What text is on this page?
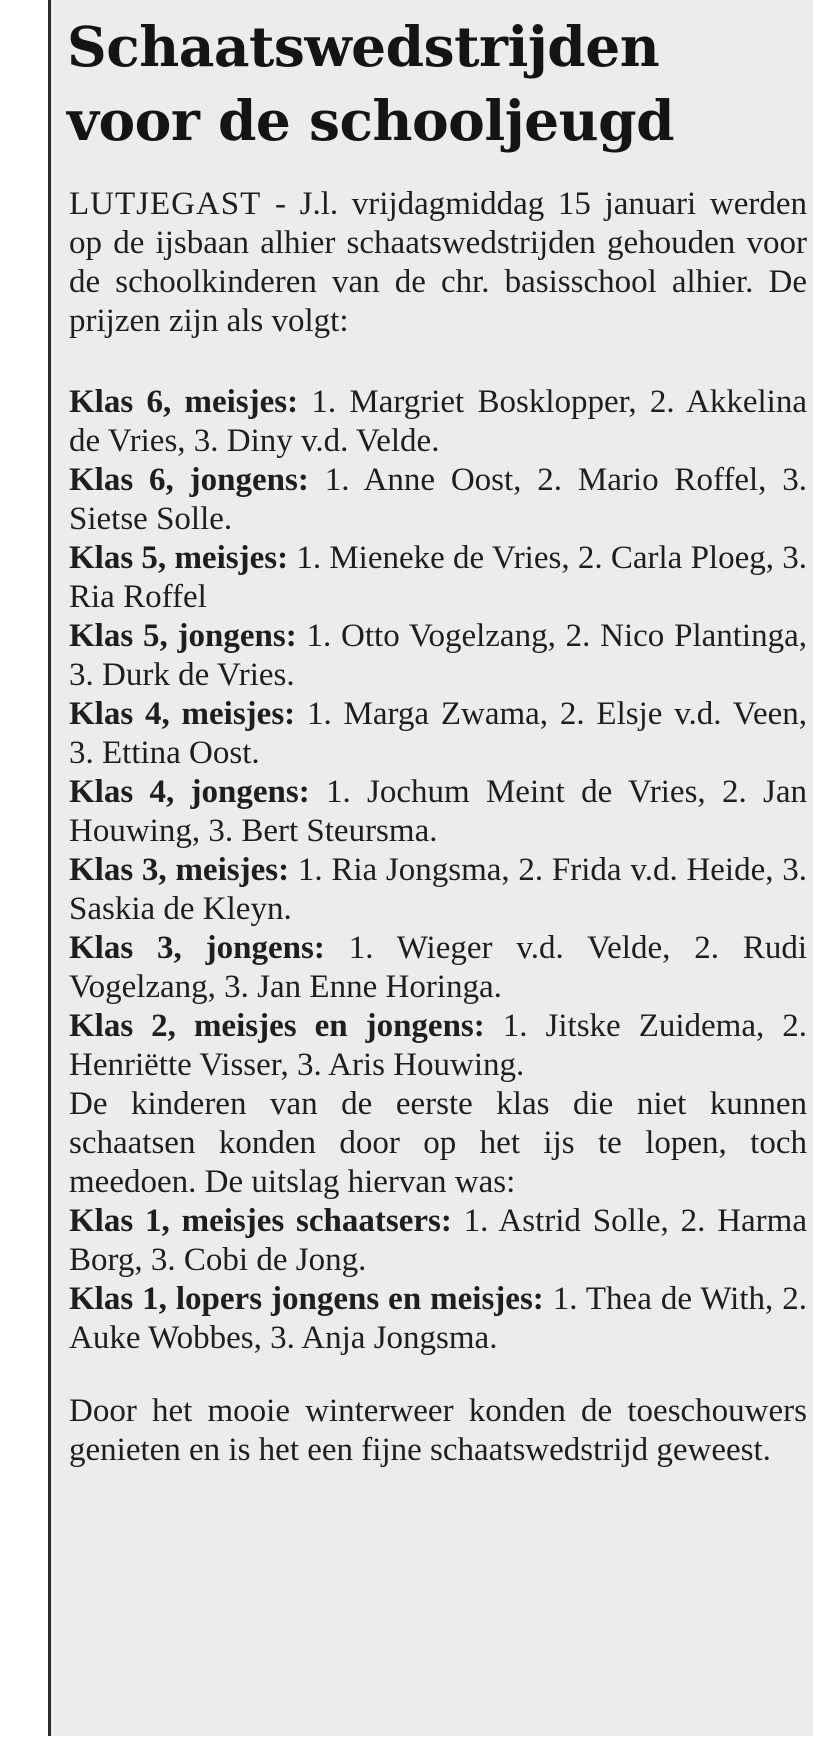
Schaatswedstrijden voor de schooljeugd

LUTJEGAST - J.l. vrijdagmiddag 15 januari werden op de ijsbaan alhier schaatswedstrijden gehouden voor de schoolkinderen van de chr. basisschool alhier. De prijzen zijn als volgt:

Klas 6, meisjes: 1. Margriet Bosklopper, 2. Akkelina de Vries, 3. Diny v.d. Velde.

Klas 6, jongens: 1. Anne Oost, 2. Mario Roffel, 3. Sietse Solle.

Klas 5, meisjes: 1. Mieneke de Vries, 2. Carla Ploeg, 3. Ria Roffel

Klas 5, jongens: 1. Otto Vogelzang, 2. Nico Plantinga, 3. Durk de Vries.

Klas 4, meisjes: 1. Marga Zwama, 2. Elsje v.d. Veen, 3. Ettina Oost.

Klas 4, jongens: 1. Jochum Meint de Vries, 2. Jan Houwing, 3. Bert Steursma.

Klas 3, meisjes: 1. Ria Jongsma, 2. Frida v.d. Heide, 3. Saskia de Kleyn.

Klas 3, jongens: 1. Wieger v.d. Velde, 2. Rudi Vogelzang, 3. Jan Enne Horinga.

Klas 2, meisjes en jongens: 1. Jitske Zuidema, 2. Henriëtte Visser, 3. Aris Houwing.

De kinderen van de eerste klas die niet kunnen schaatsen konden door op het ijs te lopen, toch meedoen. De uitslag hiervan was:

Klas 1, meisjes schaatsers: 1. Astrid Solle, 2. Harma Borg, 3. Cobi de Jong.

Klas 1, lopers jongens en meisjes: 1. Thea de With, 2. Auke Wobbes, 3. Anja Jongsma.

Door het mooie winterweer konden de toeschouwers genieten en is het een fijne schaatswedstrijd geweest.
